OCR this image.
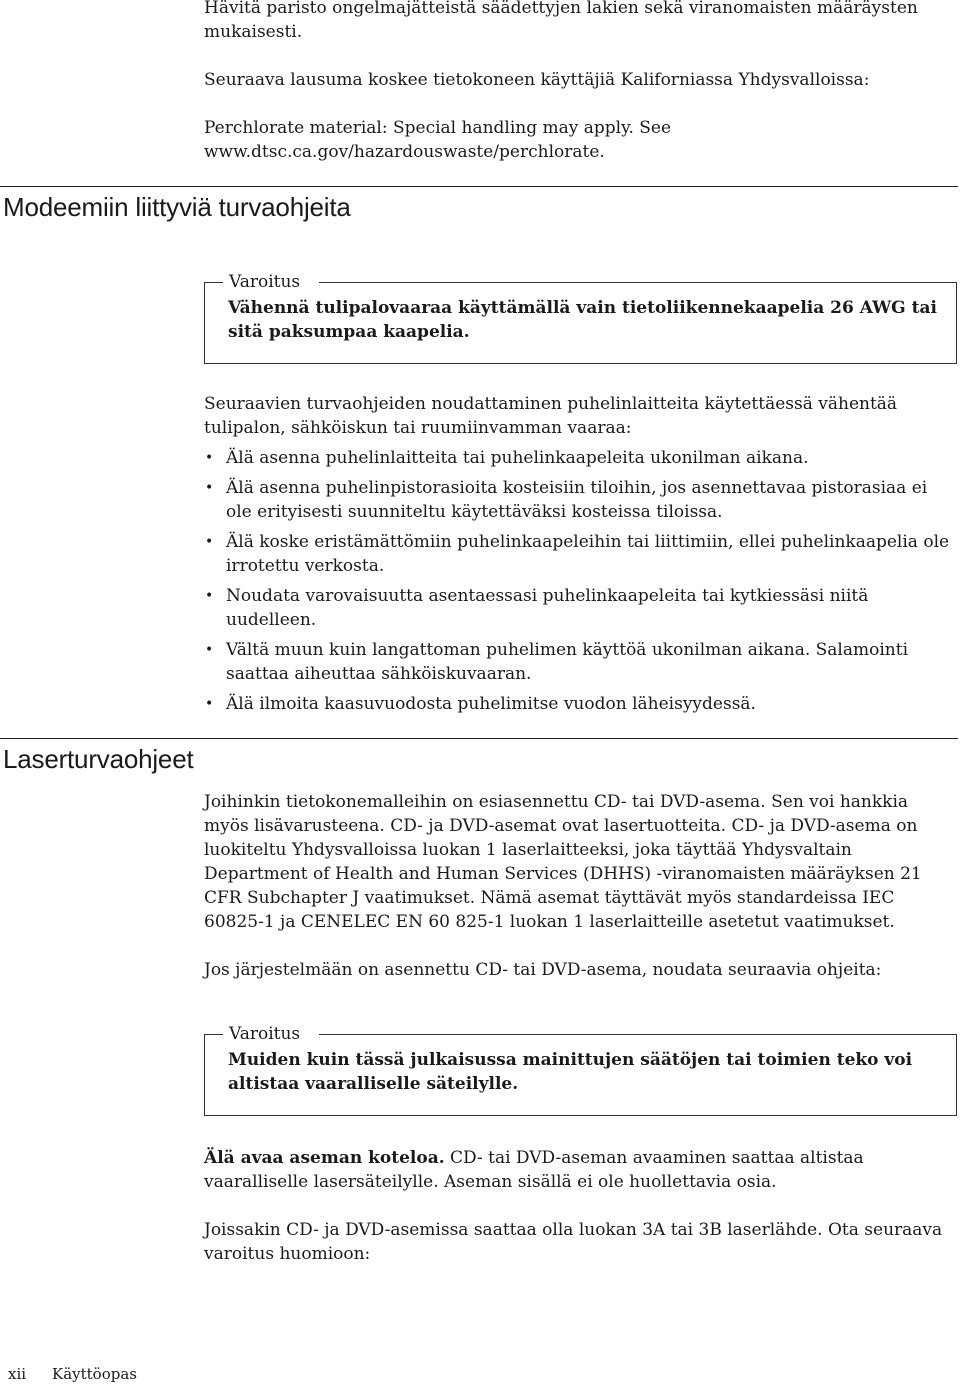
Hävitä paristo ongelmajätteistä säädettyjen lakien sekä viranomaisten määräysten mukaisesti.

Seuraava lausuma koskee tietokoneen käyttäjiä Kaliforniassa Yhdysvalloissa:

Perchlorate material: Special handling may apply. See www.dtsc.ca.gov/hazardouswaste/perchlorate.

Modeemiin liittyviä turvaohjeita
Varoitus
Vähennä tulipalovaaraa käyttämällä vain tietoliikennekaapelia 26 AWG tai sitä paksumpaa kaapelia.

Seuraavien turvaohjeiden noudattaminen puhelinlaitteita käytettäessä vähentää tulipalon, sähköiskun tai ruumiinvamman vaaraa:

• Älä asenna puhelinlaitteita tai puhelinkaapeleita ukonilman aikana.
• Älä asenna puhelinpistorasioita kosteisiin tiloihin, jos asennettavaa pistorasiaa ei ole erityisesti suunniteltu käytettäväksi kosteissa tiloissa.
• Älä koske eristämättömiin puhelinkaapeleihin tai liittimiin, ellei puhelinkaapelia ole irrotettu verkosta.
• Noudata varovaisuutta asentaessasi puhelinkaapeleita tai kytkiessäsi niitä uudelleen.
• Vältä muun kuin langattoman puhelimen käyttöä ukonilman aikana. Salamointi saattaa aiheuttaa sähköiskuvaaran.
• Älä ilmoita kaasuvuodosta puhelimitse vuodon läheisyydessä.
Laserturvaohjeet

Joihinkin tietokonemalleihin on esiasennettu CD- tai DVD-asema. Sen voi hankkia myös lisävarusteena. CD- ja DVD-asemat ovat lasertuotteita. CD- ja DVD-asema on luokiteltu Yhdysvalloissa luokan 1 laserlaitteeksi, joka täyttää Yhdysvaltain Department of Health and Human Services (DHHS) -viranomaisten määräyksen 21 CFR Subchapter J vaatimukset. Nämä asemat täyttävät myös standardeissa IEC 60825-1 ja CENELEC EN 60 825-1 luokan 1 laserlaitteille asetetut vaatimukset.

Jos järjestelmään on asennettu CD- tai DVD-asema, noudata seuraavia ohjeita:

Varoitus
Muiden kuin tässä julkaisussa mainittujen säätöjen tai toimien teko voi altistaa vaaralliselle säteilylle.

Älä avaa aseman koteloa. CD- tai DVD-aseman avaaminen saattaa altistaa vaaralliselle lasersäteilylle. Aseman sisällä ei ole huollettavia osia.

Joissakin CD- ja DVD-asemissa saattaa olla luokan 3A tai 3B laserlähde. Ota seuraava varoitus huomioon:

xii Käyttöopas
